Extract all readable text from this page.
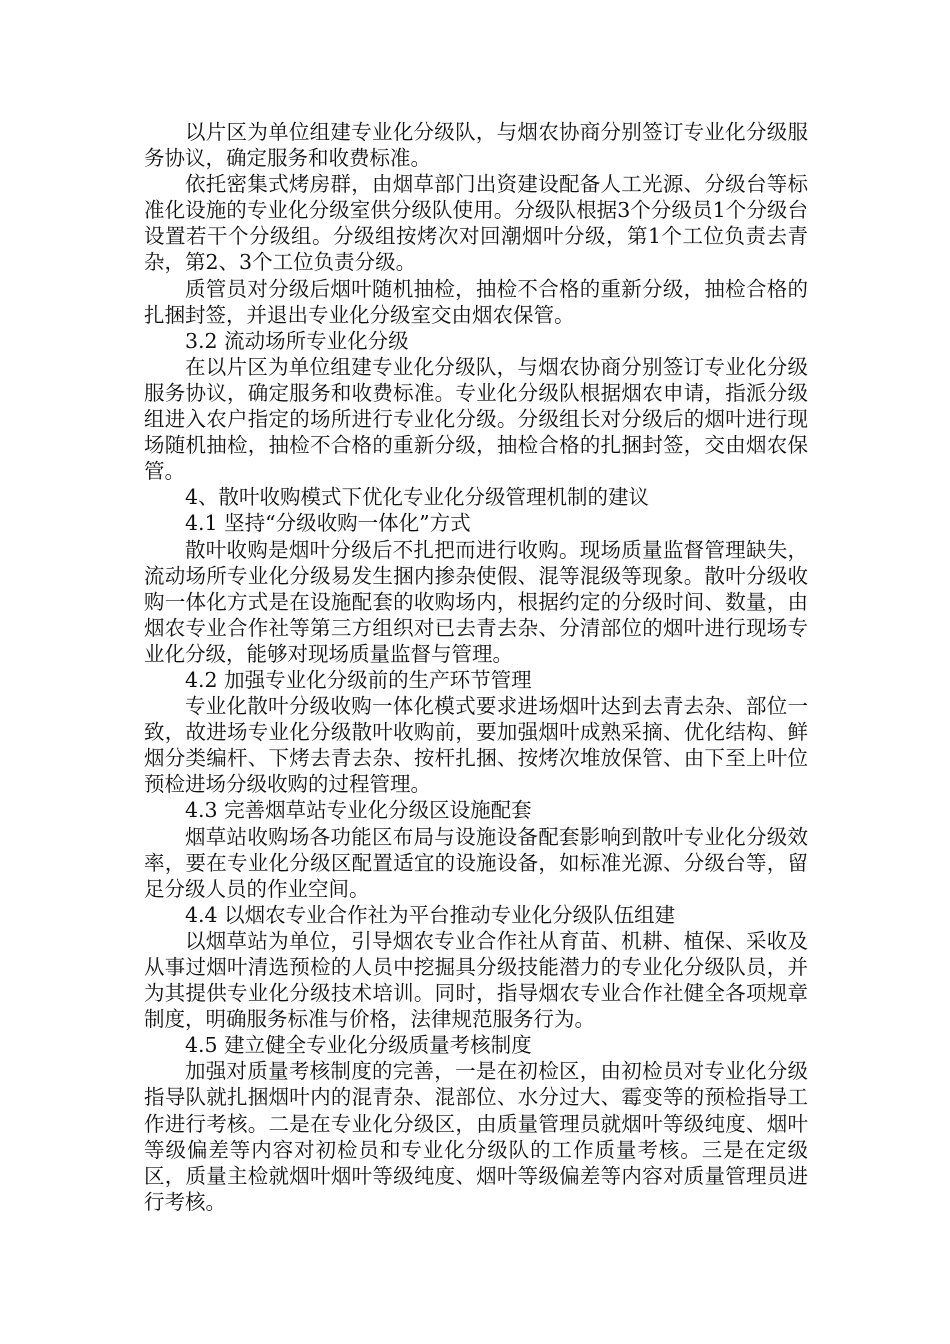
以片区为单位组建专业化分级队，与烟农协商分别签订专业化分级服务协议，确定服务和收费标准。

依托密集式烤房群，由烟草部门出资建设配备人工光源、分级台等标准化设施的专业化分级室供分级队使用。分级队根据3个分级员1个分级台设置若干个分级组。分级组按烤次对回潮烟叶分级，第1个工位负责去青杂，第2、3个工位负责分级。

质管员对分级后烟叶随机抽检，抽检不合格的重新分级，抽检合格的扎捆封签，并退出专业化分级室交由烟农保管。

3.2 流动场所专业化分级

在以片区为单位组建专业化分级队，与烟农协商分别签订专业化分级服务协议，确定服务和收费标准。专业化分级队根据烟农申请，指派分级组进入农户指定的场所进行专业化分级。分级组长对分级后的烟叶进行现场随机抽检，抽检不合格的重新分级，抽检合格的扎捆封签，交由烟农保管。

4、散叶收购模式下优化专业化分级管理机制的建议

4.1 坚持“分级收购一体化”方式

散叶收购是烟叶分级后不扎把而进行收购。现场质量监督管理缺失，流动场所专业化分级易发生捆内掺杂使假、混等混级等现象。散叶分级收购一体化方式是在设施配套的收购场内，根据约定的分级时间、数量，由烟农专业合作社等第三方组织对已去青去杂、分清部位的烟叶进行现场专业化分级，能够对现场质量监督与管理。

4.2 加强专业化分级前的生产环节管理

专业化散叶分级收购一体化模式要求进场烟叶达到去青去杂、部位一致，故进场专业化分级散叶收购前，要加强烟叶成熟采摘、优化结构、鲜烟分类编杆、下烤去青去杂、按杆扎捆、按烤次堆放保管、由下至上叶位预检进场分级收购的过程管理。

4.3 完善烟草站专业化分级区设施配套

烟草站收购场各功能区布局与设施设备配套影响到散叶专业化分级效率，要在专业化分级区配置适宜的设施设备，如标准光源、分级台等，留足分级人员的作业空间。

4.4 以烟农专业合作社为平台推动专业化分级队伍组建

以烟草站为单位，引导烟农专业合作社从育苗、机耕、植保、采收及从事过烟叶清选预检的人员中挖掘具分级技能潜力的专业化分级队员，并为其提供专业化分级技术培训。同时，指导烟农专业合作社健全各项规章制度，明确服务标准与价格，法律规范服务行为。

4.5 建立健全专业化分级质量考核制度

加强对质量考核制度的完善，一是在初检区，由初检员对专业化分级指导队就扎捆烟叶内的混青杂、混部位、水分过大、霉变等的预检指导工作进行考核。二是在专业化分级区，由质量管理员就烟叶等级纯度、烟叶等级偏差等内容对初检员和专业化分级队的工作质量考核。三是在定级区，质量主检就烟叶烟叶等级纯度、烟叶等级偏差等内容对质量管理员进行考核。
